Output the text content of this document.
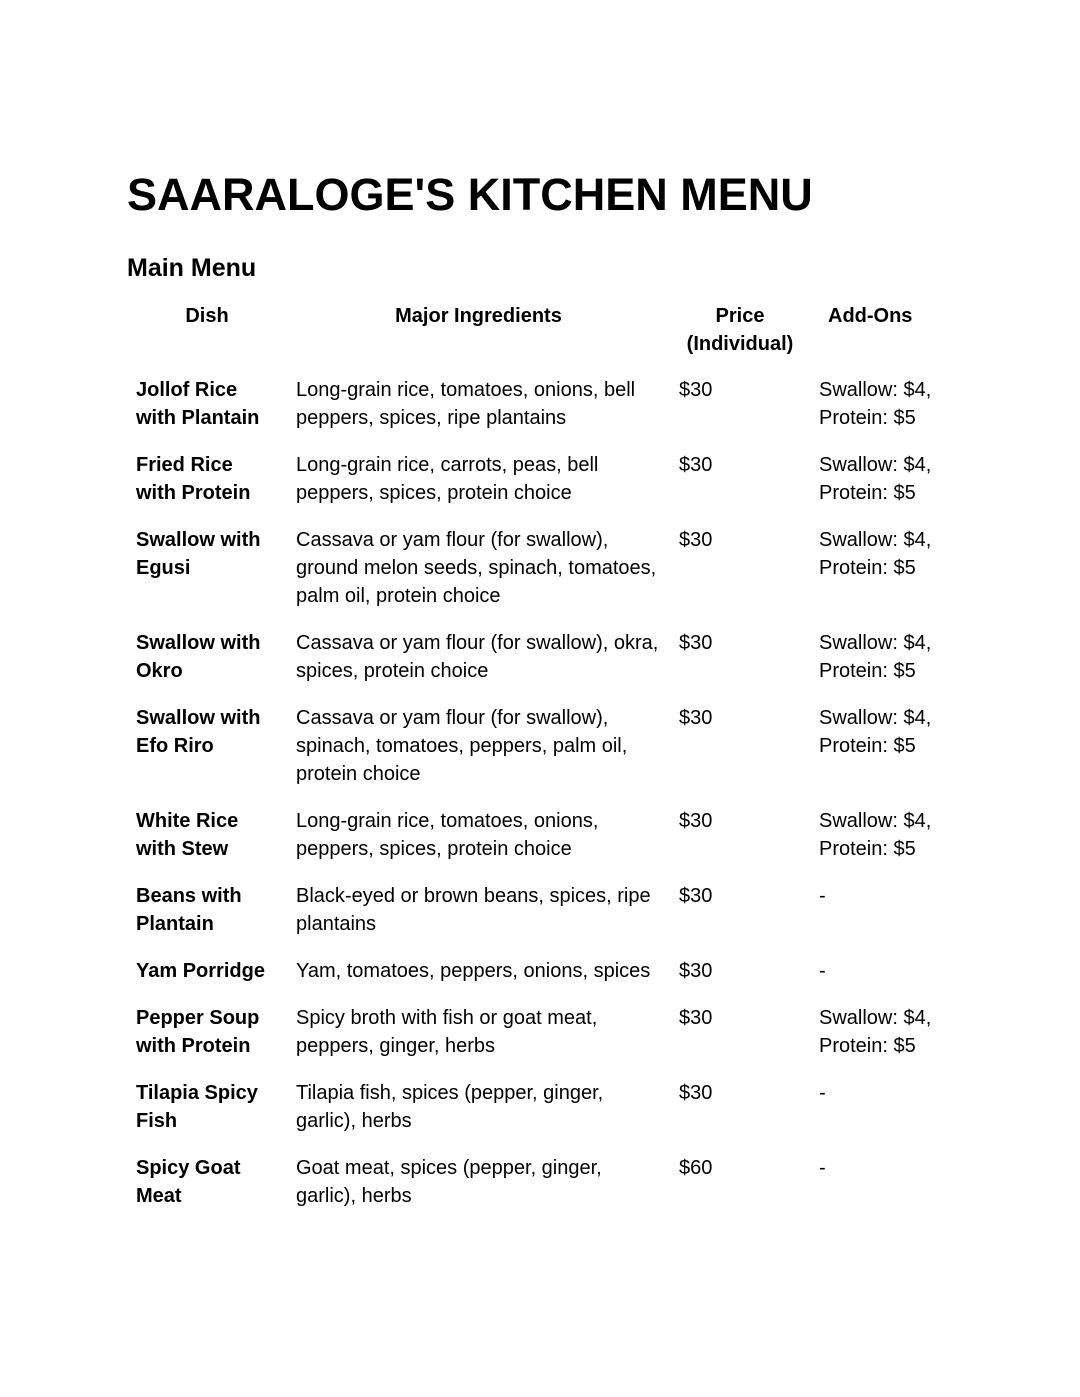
SAARALOGE'S KITCHEN MENU
Main Menu
Dish	Major Ingredients	Price (Individual)	Add-Ons
Jollof Rice with Plantain	Long-grain rice, tomatoes, onions, bell peppers, spices, ripe plantains	$30	Swallow: $4, Protein: $5
Fried Rice with Protein	Long-grain rice, carrots, peas, bell peppers, spices, protein choice	$30	Swallow: $4, Protein: $5
Swallow with Egusi	Cassava or yam flour (for swallow), ground melon seeds, spinach, tomatoes, palm oil, protein choice	$30	Swallow: $4, Protein: $5
Swallow with Okro	Cassava or yam flour (for swallow), okra, spices, protein choice	$30	Swallow: $4, Protein: $5
Swallow with Efo Riro	Cassava or yam flour (for swallow), spinach, tomatoes, peppers, palm oil, protein choice	$30	Swallow: $4, Protein: $5
White Rice with Stew	Long-grain rice, tomatoes, onions, peppers, spices, protein choice	$30	Swallow: $4, Protein: $5
Beans with Plantain	Black-eyed or brown beans, spices, ripe plantains	$30	-
Yam Porridge	Yam, tomatoes, peppers, onions, spices	$30	-
Pepper Soup with Protein	Spicy broth with fish or goat meat, peppers, ginger, herbs	$30	Swallow: $4, Protein: $5
Tilapia Spicy Fish	Tilapia fish, spices (pepper, ginger, garlic), herbs	$30	-
Spicy Goat Meat	Goat meat, spices (pepper, ginger, garlic), herbs	$60	-
